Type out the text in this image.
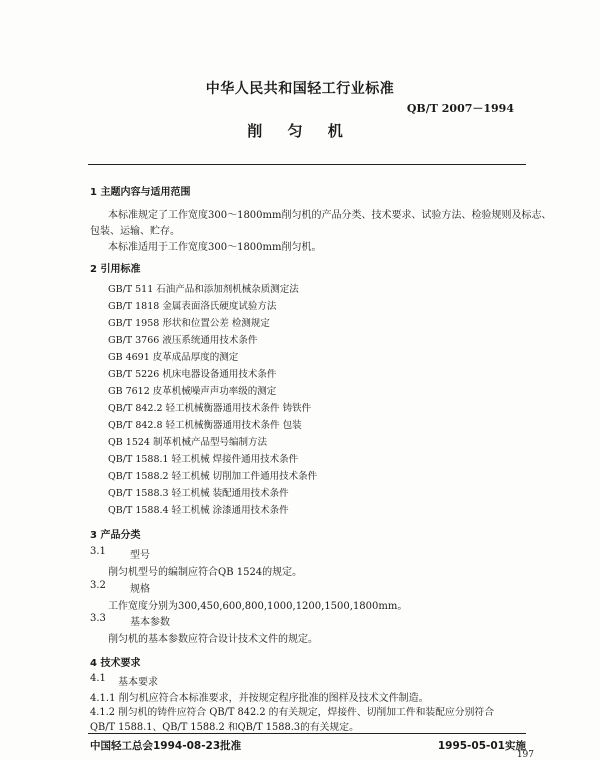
中华人民共和国轻工行业标准
QB/T 2007－1994
削 匀 机
1 主题内容与适用范围
本标准规定了工作宽度300～1800mm削匀机的产品分类、技术要求、试验方法、检验规则及标志、
包装、运输、贮存。
本标准适用于工作宽度300～1800mm削匀机。
2 引用标准
GB/T 511 石油产品和添加剂机械杂质测定法
GB/T 1818 金属表面洛氏硬度试验方法
GB/T 1958 形状和位置公差 检测规定
GB/T 3766 液压系统通用技术条件
GB 4691 皮革成品厚度的测定
GB/T 5226 机床电器设备通用技术条件
GB 7612 皮革机械噪声声功率级的测定
QB/T 842.2 轻工机械衡器通用技术条件 铸铁件
QB/T 842.8 轻工机械衡器通用技术条件 包装
QB 1524 制革机械产品型号编制方法
QB/T 1588.1 轻工机械 焊接件通用技术条件
QB/T 1588.2 轻工机械 切削加工件通用技术条件
QB/T 1588.3 轻工机械 装配通用技术条件
QB/T 1588.4 轻工机械 涂漆通用技术条件
3 产品分类
3.1 型号
削匀机型号的编制应符合QB 1524的规定。
3.2 规格
工作宽度分别为300,450,600,800,1000,1200,1500,1800mm。
3.3 基本参数
削匀机的基本参数应符合设计技术文件的规定。
4 技术要求
4.1 基本要求
4.1.1 削匀机应符合本标准要求，并按规定程序批准的图样及技术文件制造。
4.1.2 削匀机的铸件应符合 QB/T 842.2 的有关规定，焊接件、切削加工件和装配应分别符合
QB/T 1588.1、QB/T 1588.2 和QB/T 1588.3的有关规定。
中国轻工总会1994-08-23批准	1995-05-01实施
197
